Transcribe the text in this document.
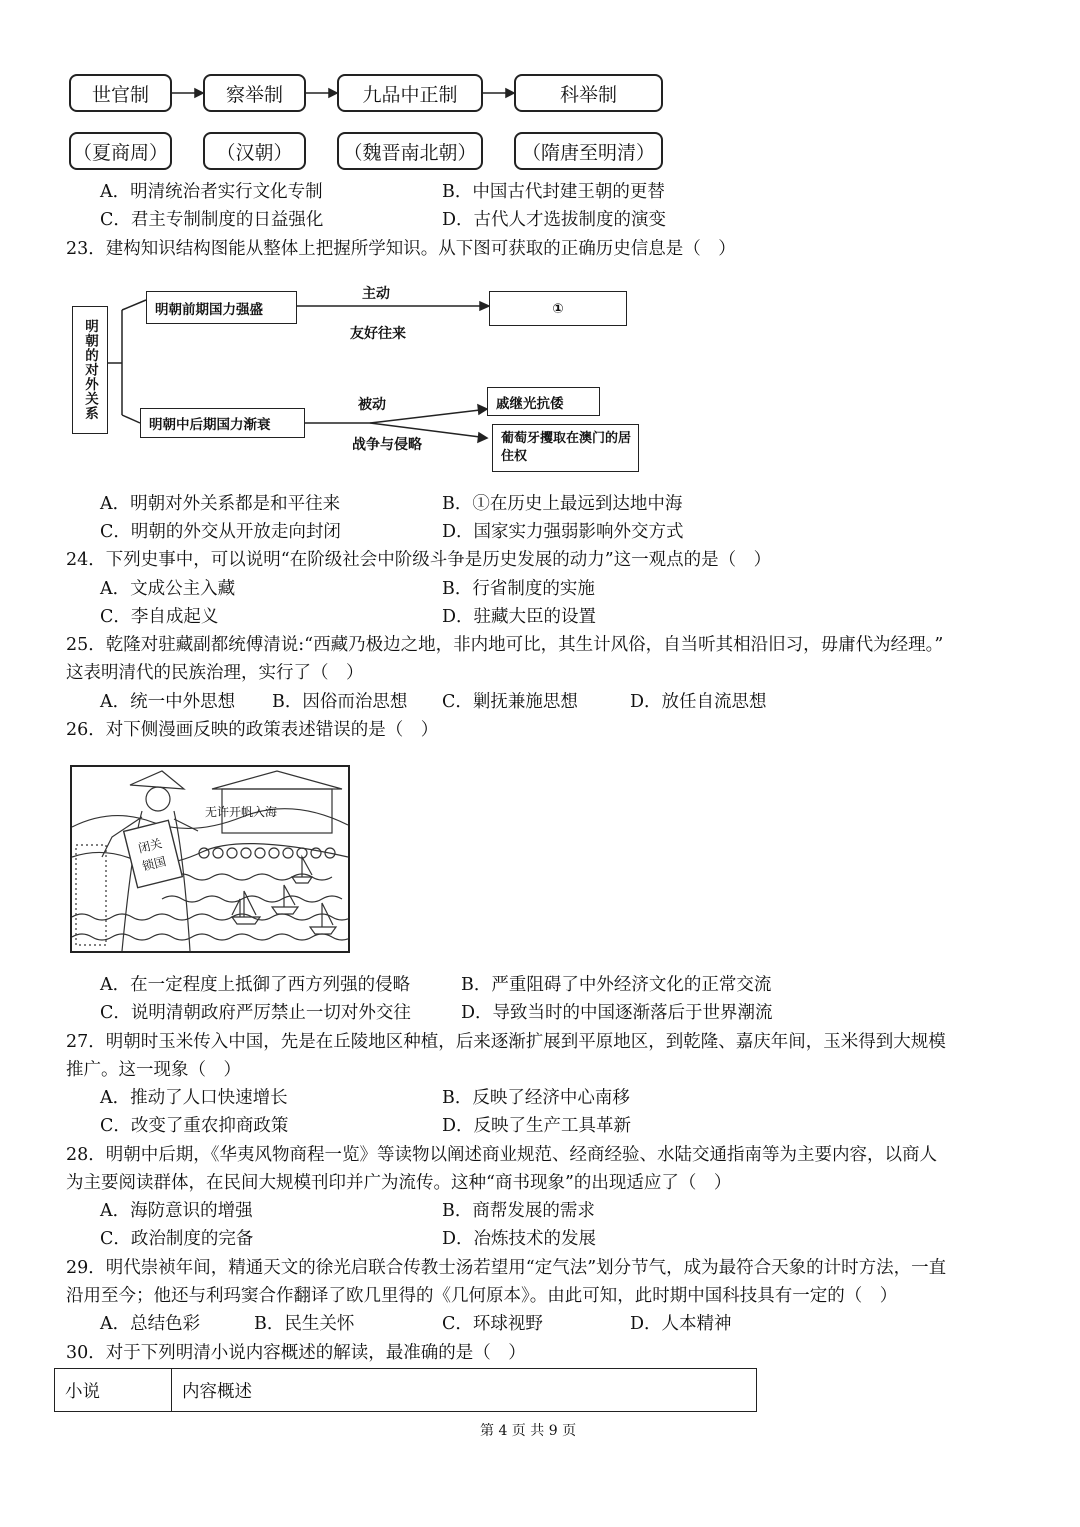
世官制	察举制	九品中正制	科举制
（夏商周）	（汉朝）	（魏晋南北朝）	（隋唐至明清）
A．明清统治者实行文化专制	B．中国古代封建王朝的更替
C．君主专制制度的日益强化	D．古代人才选拔制度的演变
23．建构知识结构图能从整体上把握所学知识。从下图可获取的正确历史信息是（　）
明朝的对外关系
明朝前期国力强盛
主动
友好往来
①
明朝中后期国力渐衰
被动
战争与侵略
戚继光抗倭
葡萄牙攫取在澳门的居住权
A．明朝对外关系都是和平往来	B．①在历史上最远到达地中海
C．明朝的外交从开放走向封闭	D．国家实力强弱影响外交方式
24．下列史事中，可以说明“在阶级社会中阶级斗争是历史发展的动力”这一观点的是（　）
A．文成公主入藏	B．行省制度的实施
C．李自成起义	D．驻藏大臣的设置
25．乾隆对驻藏副都统傅清说:“西藏乃极边之地，非内地可比，其生计风俗，自当听其相沿旧习，毋庸代为经理。”
这表明清代的民族治理，实行了（　）
A．统一中外思想 B．因俗而治思想 C．剿抚兼施思想	D．放任自流思想
26．对下侧漫画反映的政策表述错误的是（　）
无许开帆入海
闭关
锁国
A．在一定程度上抵御了西方列强的侵略	B．严重阻碍了中外经济文化的正常交流
C．说明清朝政府严厉禁止一切对外交往	D．导致当时的中国逐渐落后于世界潮流
27．明朝时玉米传入中国，先是在丘陵地区种植，后来逐渐扩展到平原地区，到乾隆、嘉庆年间，玉米得到大规模
推广。这一现象（　）
A．推动了人口快速增长	B．反映了经济中心南移
C．改变了重农抑商政策	D．反映了生产工具革新
28．明朝中后期，《华夷风物商程一览》等读物以阐述商业规范、经商经验、水陆交通指南等为主要内容，以商人
为主要阅读群体，在民间大规模刊印并广为流传。这种“商书现象”的出现适应了（　）
A．海防意识的增强	B．商帮发展的需求
C．政治制度的完备	D．冶炼技术的发展
29．明代崇祯年间，精通天文的徐光启联合传教士汤若望用“定气法”划分节气，成为最符合天象的计时方法，一直
沿用至今；他还与利玛窦合作翻译了欧几里得的《几何原本》。由此可知，此时期中国科技具有一定的（　）
A．总结色彩	B．民生关怀	C．环球视野	D．人本精神
30．对于下列明清小说内容概述的解读，最准确的是（　）
小说	内容概述
第 4 页 共 9 页
